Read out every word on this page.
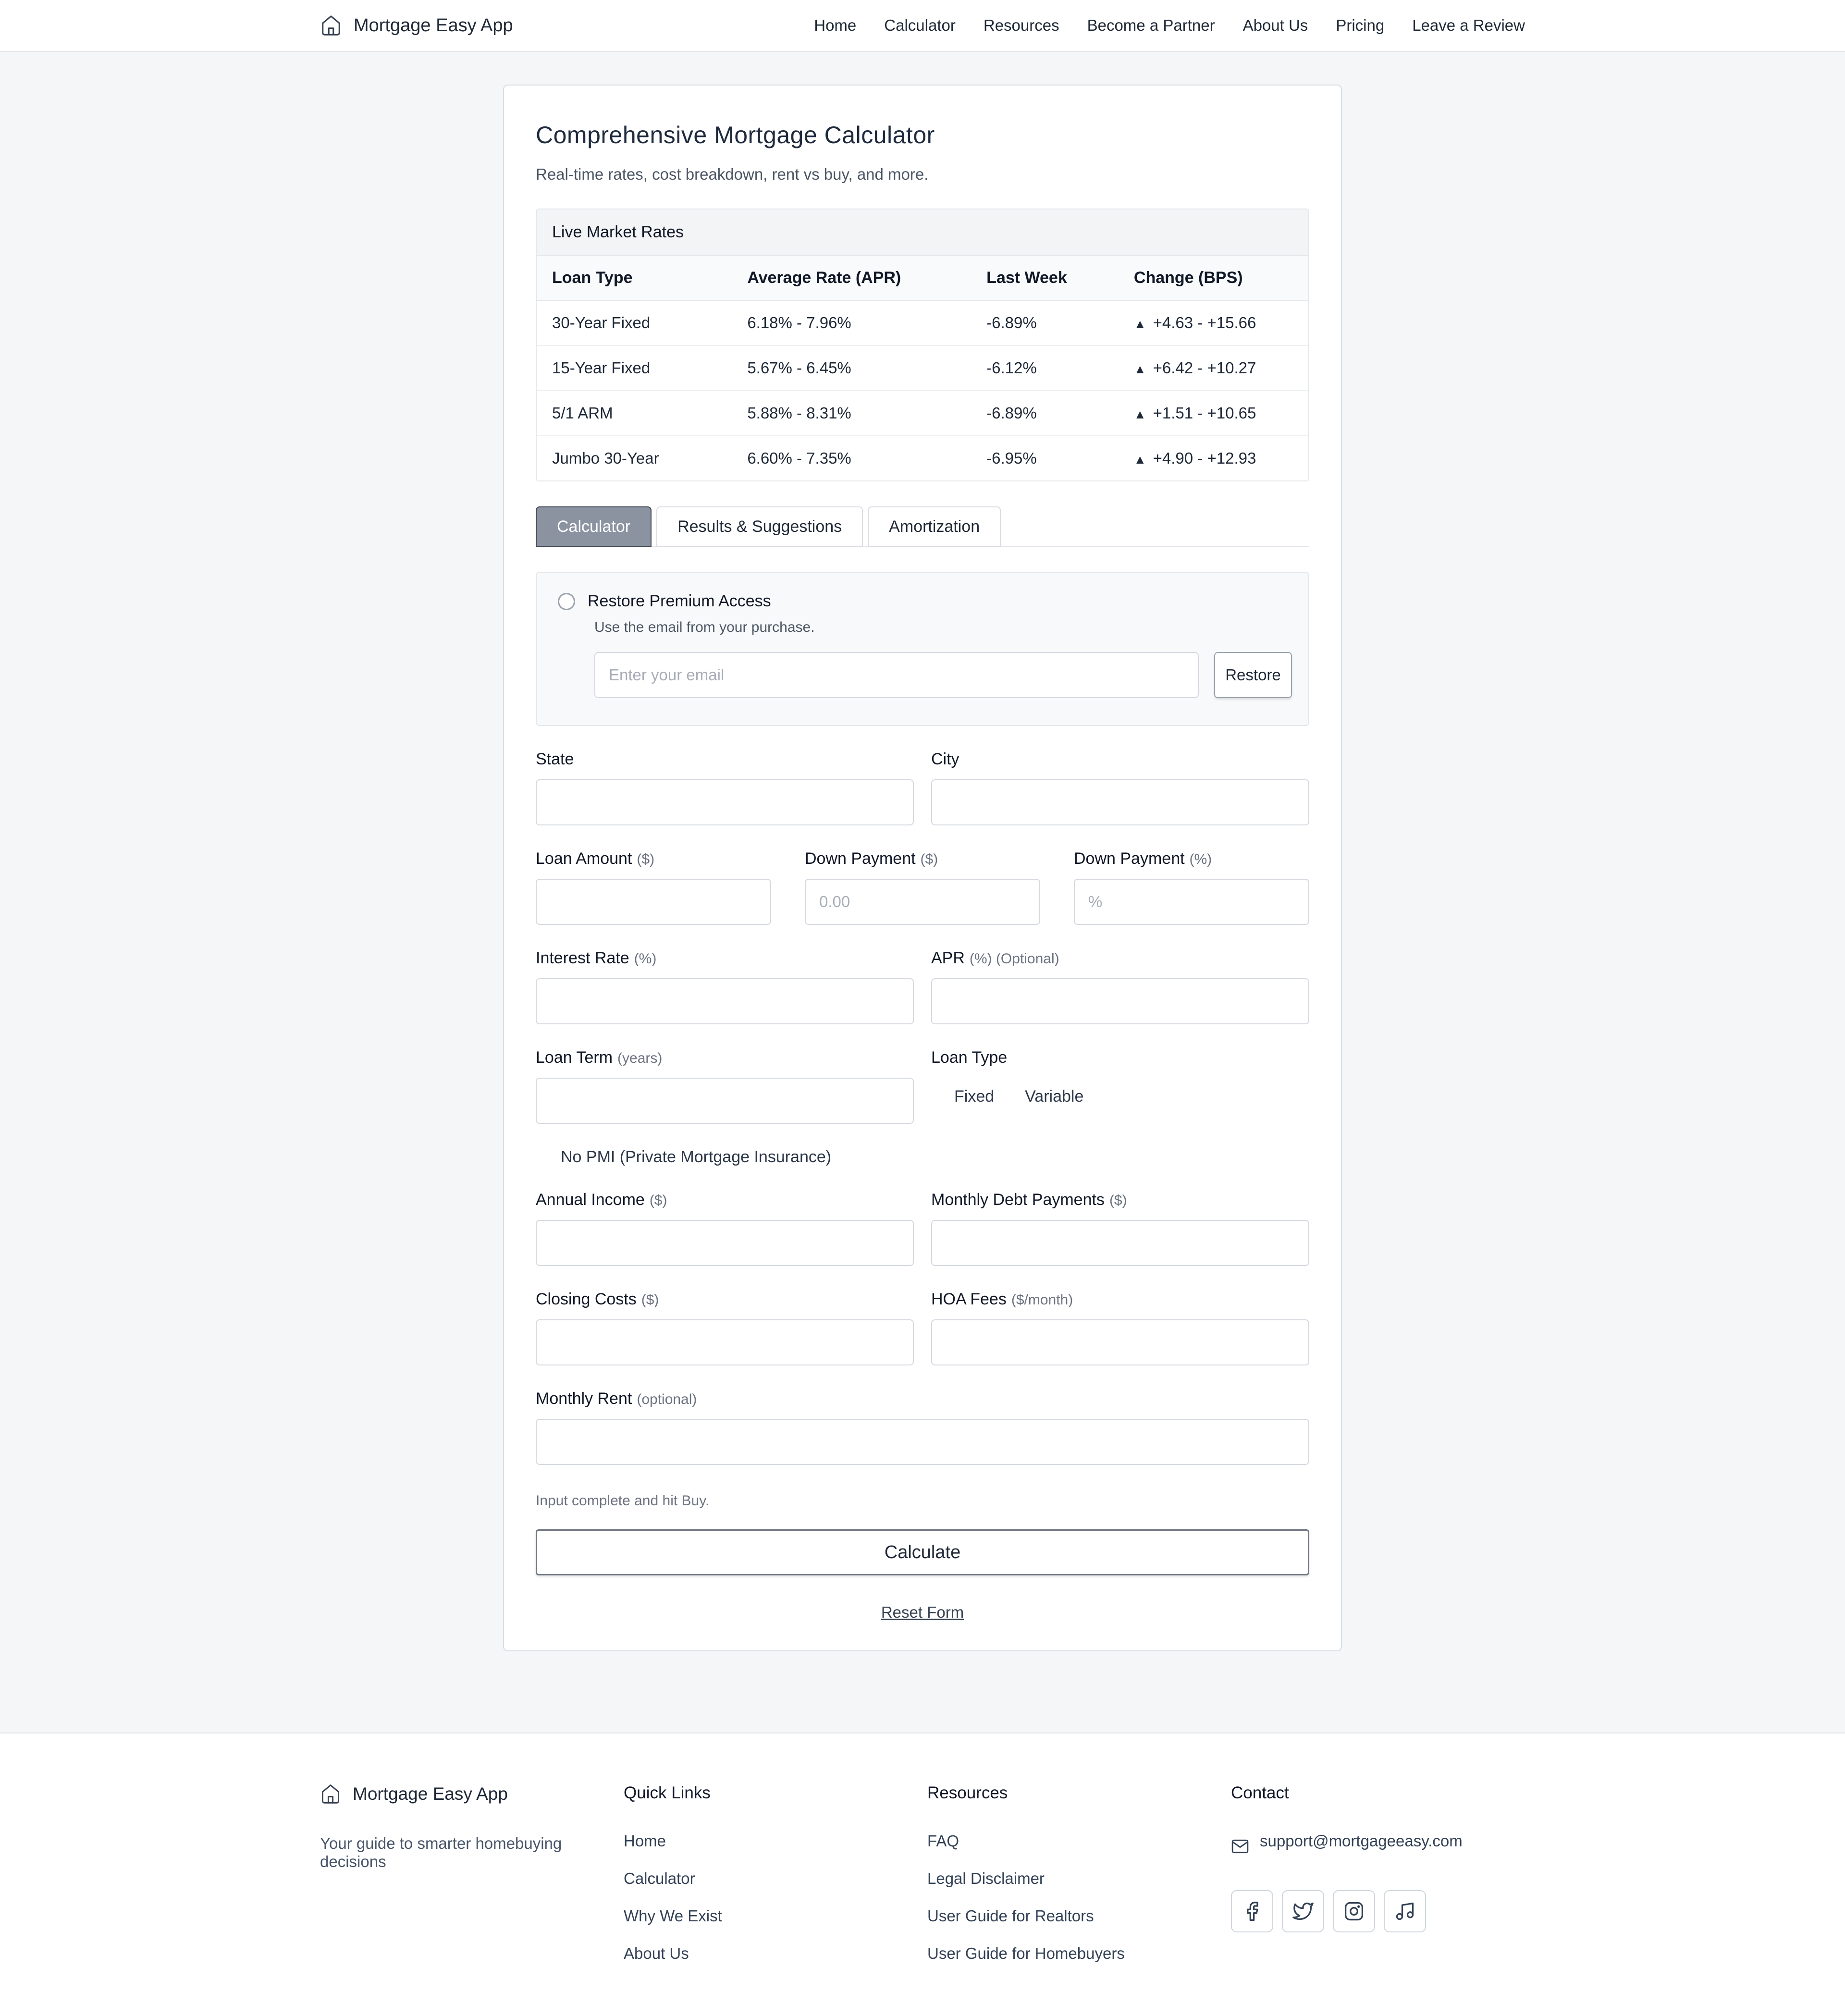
Mortgage Easy App	Home Calculator Resources Become a Partner About Us Pricing Leave a Review
Comprehensive Mortgage Calculator

Real-time rates, cost breakdown, rent vs buy, and more.

Live Market Rates
Loan Type	Average Rate (APR)	Last Week	Change (BPS)
30-Year Fixed	6.18% - 7.96%	-6.89%	▲ +4.63 - +15.66
15-Year Fixed	5.67% - 6.45%	-6.12%	▲ +6.42 - +10.27
5/1 ARM	5.88% - 8.31%	-6.89%	▲ +1.51 - +10.65
Jumbo 30-Year	6.60% - 7.35%	-6.95%	▲ +4.90 - +12.93
Calculator	Results & Suggestions	Amortization
Restore Premium Access
Use the email from your purchase.
Enter your email
Restore
State	City
Loan Amount ($)	Down Payment ($)
0.00	Down Payment (%)
%
Interest Rate (%)	APR (%) (Optional)
Loan Term (years)	Loan Type
Fixed Variable
No PMI (Private Mortgage Insurance)
Annual Income ($)	Monthly Debt Payments ($)
Closing Costs ($)	HOA Fees ($/month)
Monthly Rent (optional)
Input complete and hit Buy.
Calculate
Reset Form
Mortgage Easy App
Your guide to smarter homebuying decisions
Quick Links
Home
Calculator
Why We Exist
About Us
Resources
FAQ
Legal Disclaimer
User Guide for Realtors
User Guide for Homebuyers
Contact
support@mortgageeasy.com
